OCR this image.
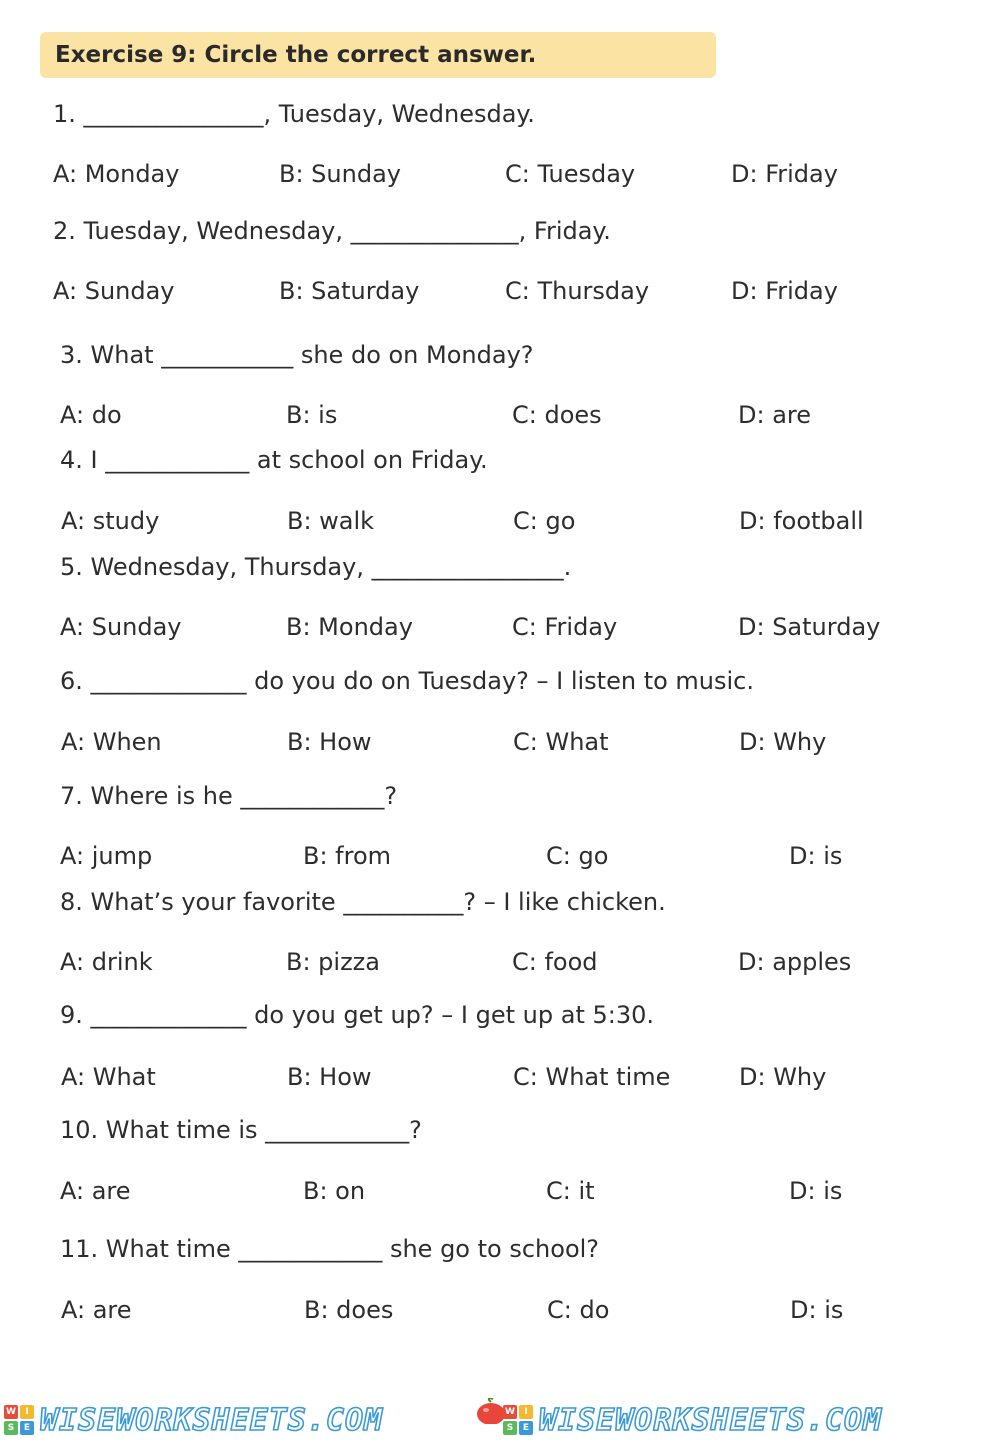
Exercise 9: Circle the correct answer.
1. _______________, Tuesday, Wednesday.
A: Monday	B: Sunday	C: Tuesday	D: Friday
2. Tuesday, Wednesday, ______________, Friday.
A: Sunday	B: Saturday	C: Thursday	D: Friday
3. What ___________ she do on Monday?
A: do	B: is	C: does	D: are
4. I ____________ at school on Friday.
A: study	B: walk	C: go	D: football
5. Wednesday, Thursday, ________________.
A: Sunday	B: Monday	C: Friday	D: Saturday
6. _____________ do you do on Tuesday? – I listen to music.
A: When	B: How	C: What	D: Why
7. Where is he ____________?
A: jump	B: from	C: go	D: is
8. What’s your favorite __________? – I like chicken.
A: drink	B: pizza	C: food	D: apples
9. _____________ do you get up? – I get up at 5:30.
A: What	B: How	C: What time	D: Why
10. What time is ____________?
A: are	B: on	C: it	D: is
11. What time ____________ she go to school?
A: are	B: does	C: do	D: is
W	I
S	E WISEWORKSHEETS.COM	W	I
S	E WISEWORKSHEETS.COM
